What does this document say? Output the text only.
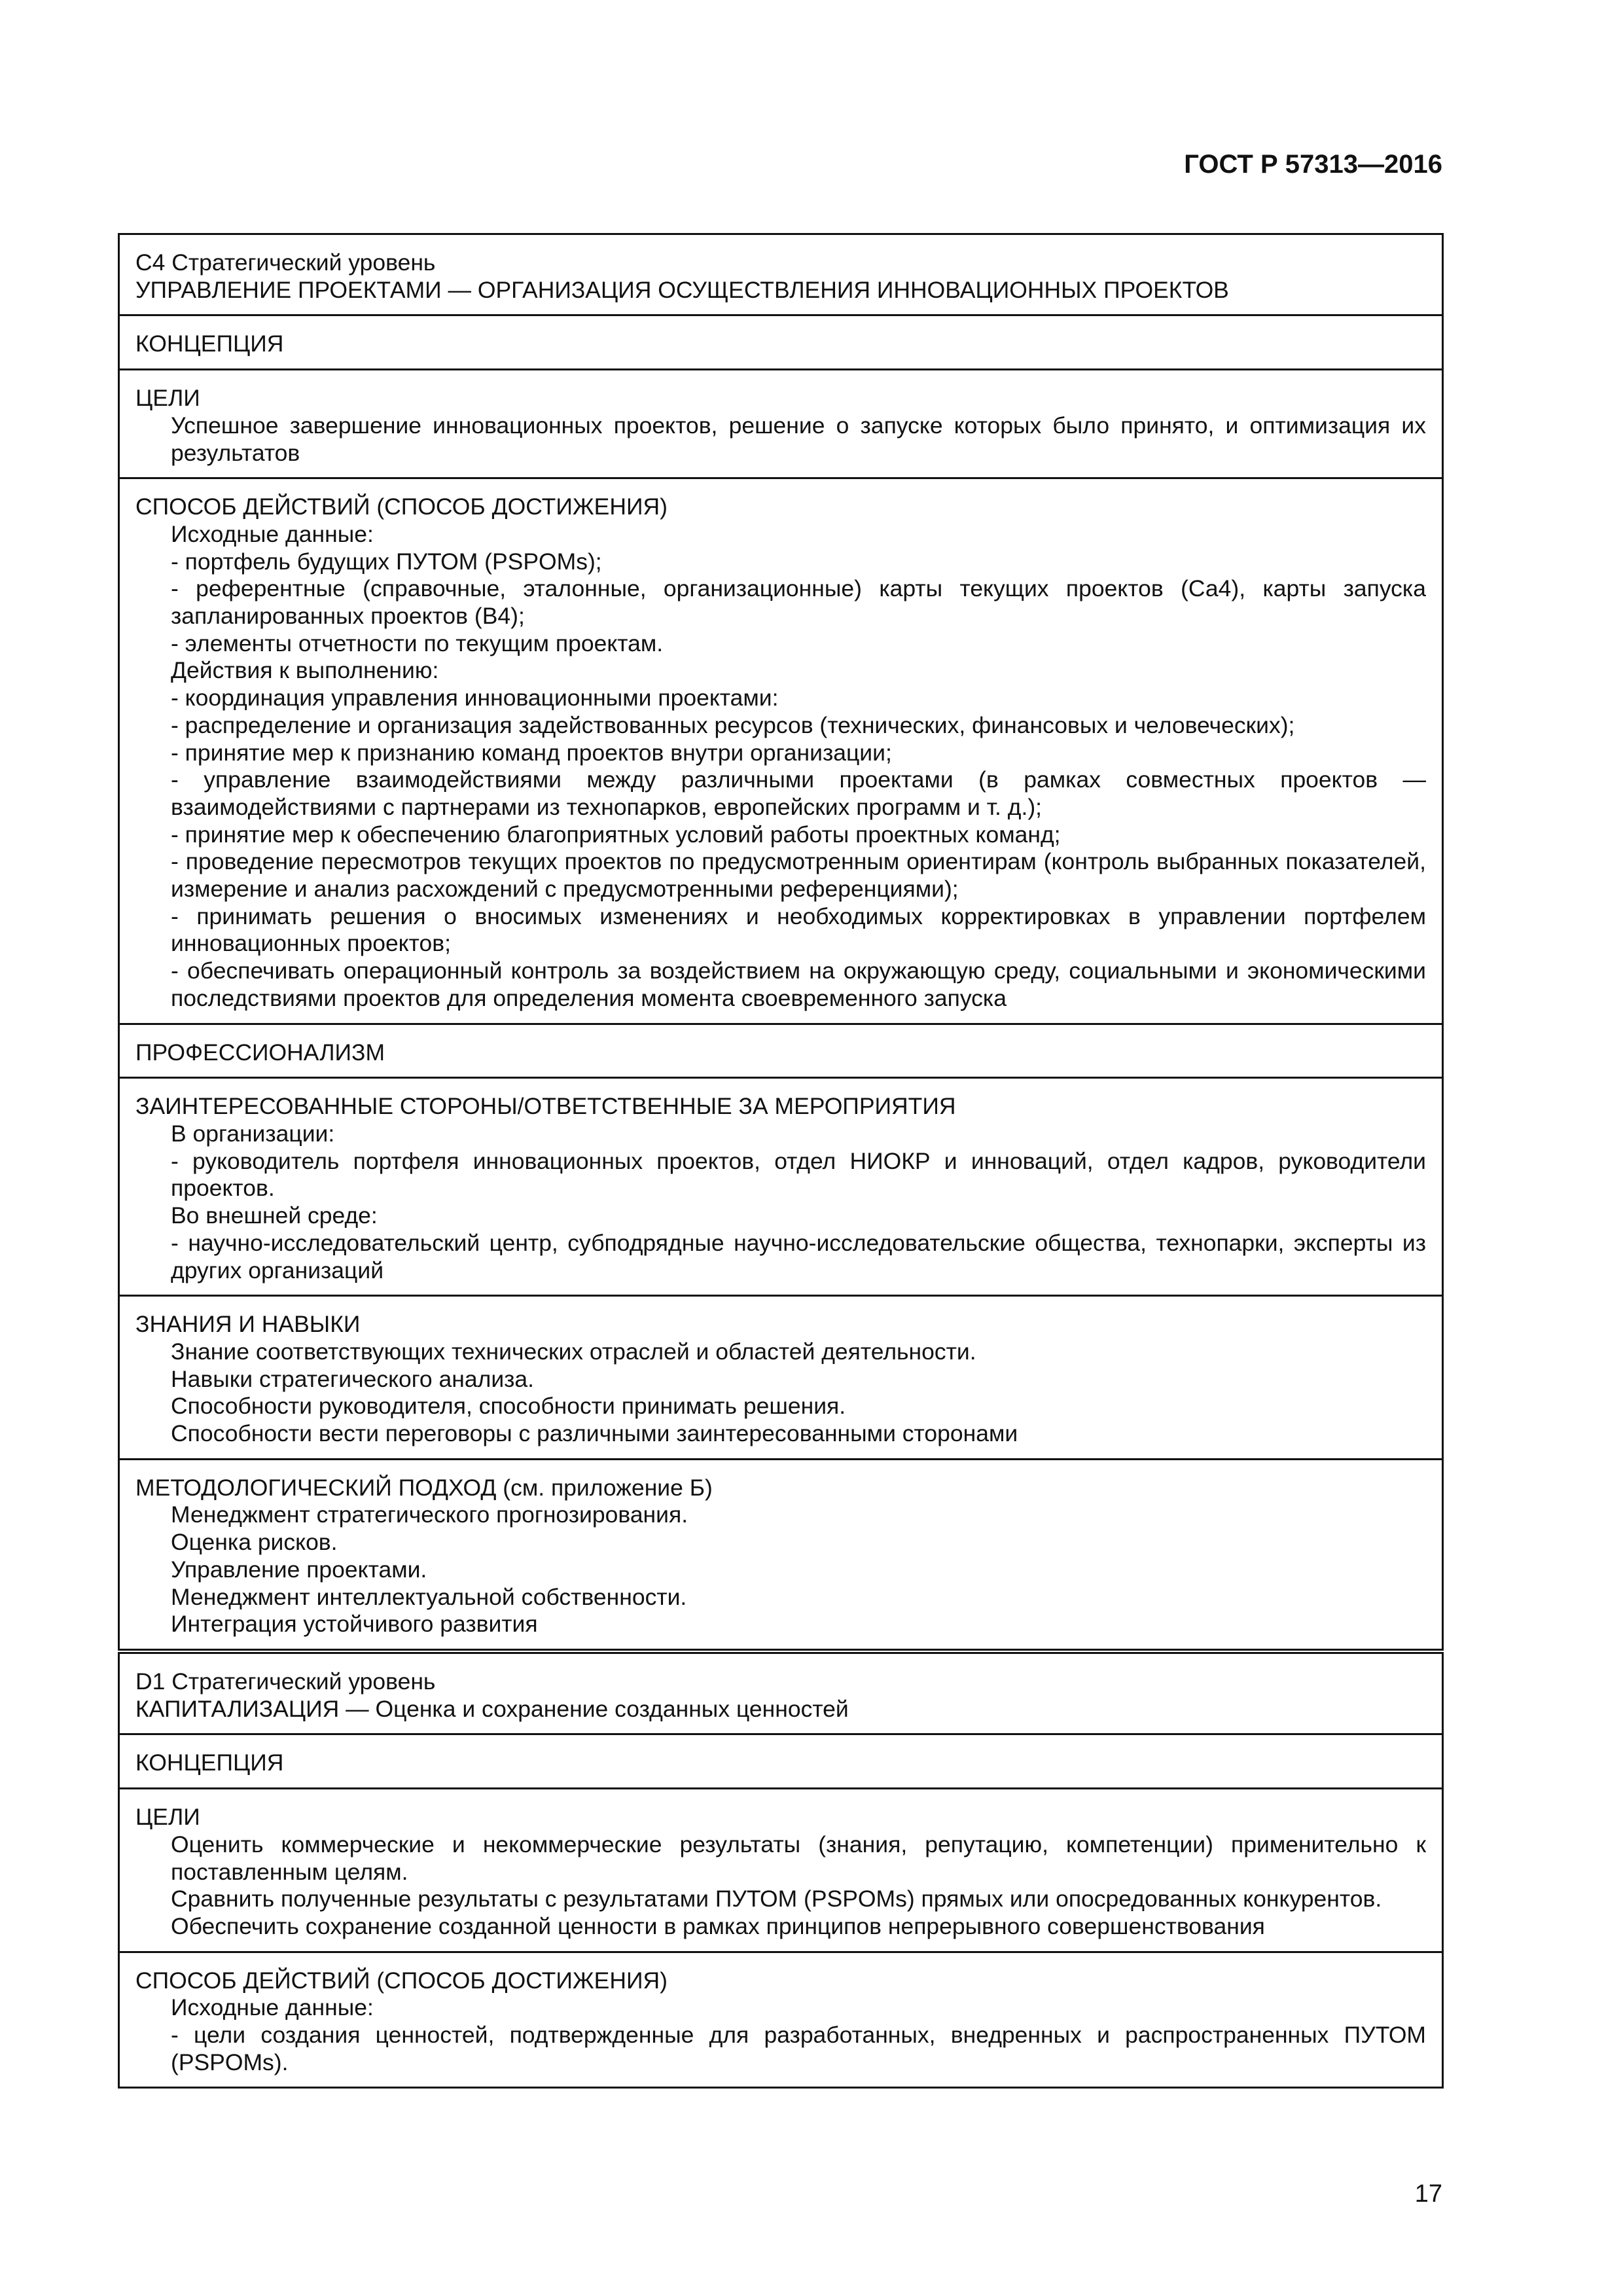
ГОСТ Р 57313—2016
С4 Стратегический уровень
УПРАВЛЕНИЕ ПРОЕКТАМИ — ОРГАНИЗАЦИЯ ОСУЩЕСТВЛЕНИЯ ИННОВАЦИОННЫХ ПРОЕКТОВ
КОНЦЕПЦИЯ
ЦЕЛИ
Успешное завершение инновационных проектов, решение о запуске которых было принято, и оптимизация их результатов
СПОСОБ ДЕЙСТВИЙ (СПОСОБ ДОСТИЖЕНИЯ)
Исходные данные:
- портфель будущих ПУТОМ (PSPOMs);
- референтные (справочные, эталонные, организационные) карты текущих проектов (Са4), карты запуска запланированных проектов (В4);
- элементы отчетности по текущим проектам.
Действия к выполнению:
- координация управления инновационными проектами:
- распределение и организация задействованных ресурсов (технических, финансовых и человеческих);
- принятие мер к признанию команд проектов внутри организации;
- управление взаимодействиями между различными проектами (в рамках совместных проектов — взаимодействиями с партнерами из технопарков, европейских программ и т. д.);
- принятие мер к обеспечению благоприятных условий работы проектных команд;
- проведение пересмотров текущих проектов по предусмотренным ориентирам (контроль выбранных показателей, измерение и анализ расхождений с предусмотренными референциями);
- принимать решения о вносимых изменениях и необходимых корректировках в управлении портфелем инновационных проектов;
- обеспечивать операционный контроль за воздействием на окружающую среду, социальными и экономическими последствиями проектов для определения момента своевременного запуска
ПРОФЕССИОНАЛИЗМ
ЗАИНТЕРЕСОВАННЫЕ СТОРОНЫ/ОТВЕТСТВЕННЫЕ ЗА МЕРОПРИЯТИЯ
В организации:
- руководитель портфеля инновационных проектов, отдел НИОКР и инноваций, отдел кадров, руководители проектов.
Во внешней среде:
- научно-исследовательский центр, субподрядные научно-исследовательские общества, технопарки, эксперты из других организаций
ЗНАНИЯ И НАВЫКИ
Знание соответствующих технических отраслей и областей деятельности.
Навыки стратегического анализа.
Способности руководителя, способности принимать решения.
Способности вести переговоры с различными заинтересованными сторонами
МЕТОДОЛОГИЧЕСКИЙ ПОДХОД (см. приложение Б)
Менеджмент стратегического прогнозирования.
Оценка рисков.
Управление проектами.
Менеджмент интеллектуальной собственности.
Интеграция устойчивого развития
D1 Стратегический уровень
КАПИТАЛИЗАЦИЯ — Оценка и сохранение созданных ценностей
КОНЦЕПЦИЯ
ЦЕЛИ
Оценить коммерческие и некоммерческие результаты (знания, репутацию, компетенции) применительно к поставленным целям.
Сравнить полученные результаты с результатами ПУТОМ (PSPOMs) прямых или опосредованных конкурентов.
Обеспечить сохранение созданной ценности в рамках принципов непрерывного совершенствования
СПОСОБ ДЕЙСТВИЙ (СПОСОБ ДОСТИЖЕНИЯ)
Исходные данные:
- цели создания ценностей, подтвержденные для разработанных, внедренных и распространенных ПУТОМ (PSPOMs).
17
